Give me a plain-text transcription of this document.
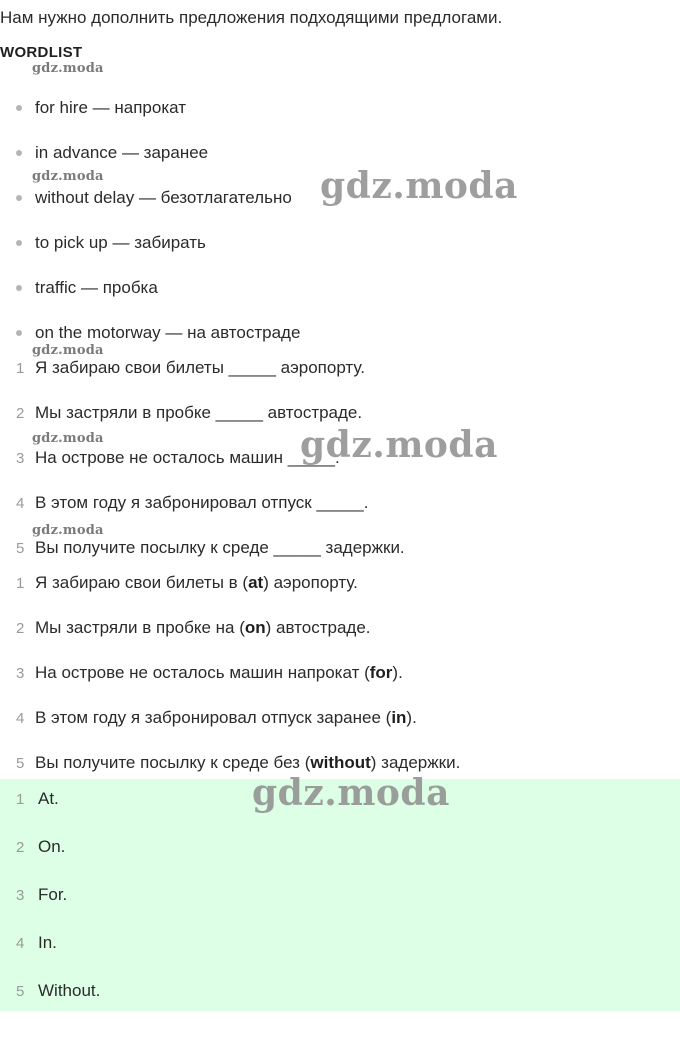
Нам нужно дополнить предложения подходящими предлогами.
WORDLIST
gdz.moda
gdz.moda
gdz.moda
gdz.moda
gdz.moda
for hire — напрокат
in advance — заранее
without delay — безотлагательно
to pick up — забирать
traffic — пробка
on the motorway — на автостраде
1 Я забираю свои билеты _____ аэропорту.
2 Мы застряли в пробке _____ автостраде.
3 На острове не осталось машин _____.
4 В этом году я забронировал отпуск _____.
5 Вы получите посылку к среде _____ задержки.
1 Я забираю свои билеты в ( at ) аэропорту.
2 Мы застряли в пробке на ( on ) автостраде.
3 На острове не осталось машин напрокат ( for ).
4 В этом году я забронировал отпуск заранее ( in ).
5 Вы получите посылку к среде без ( without ) задержки.
1 At.
2 On.
3 For.
4 In.
5 Without.
gdz.moda
gdz.moda
gdz.moda
